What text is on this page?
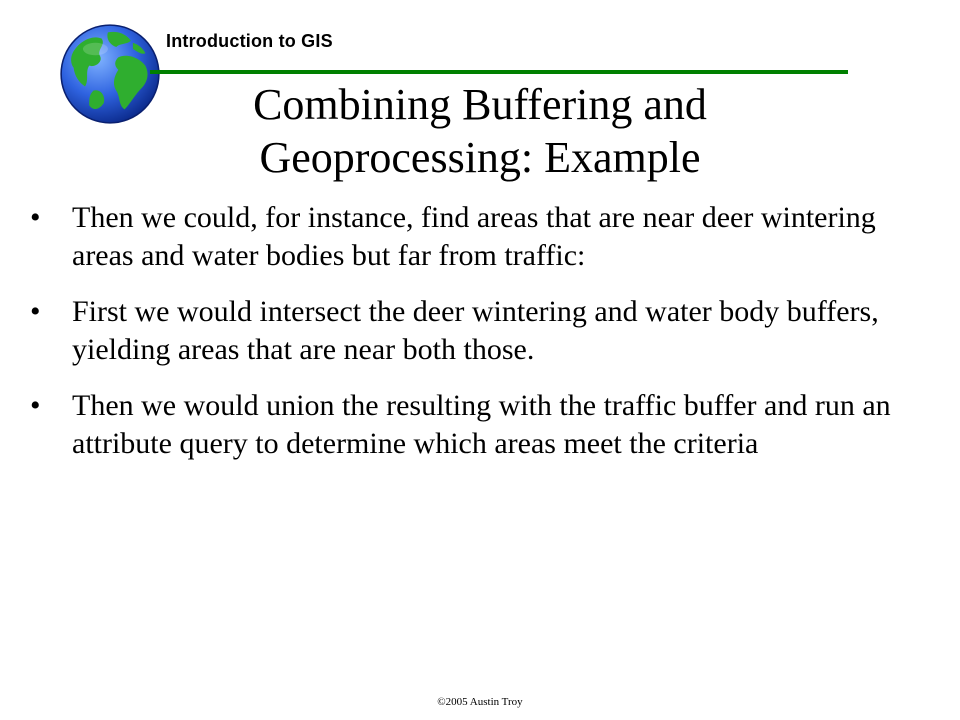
Introduction to GIS
Combining Buffering and
Geoprocessing: Example
•	Then we could, for instance, find areas that are near deer wintering areas and water bodies but far from traffic:
•	First we would intersect the deer wintering and water body buffers, yielding areas that are near both those.
•	Then we would union the resulting with the traffic buffer and run an attribute query to determine which areas meet the criteria
©2005 Austin Troy
